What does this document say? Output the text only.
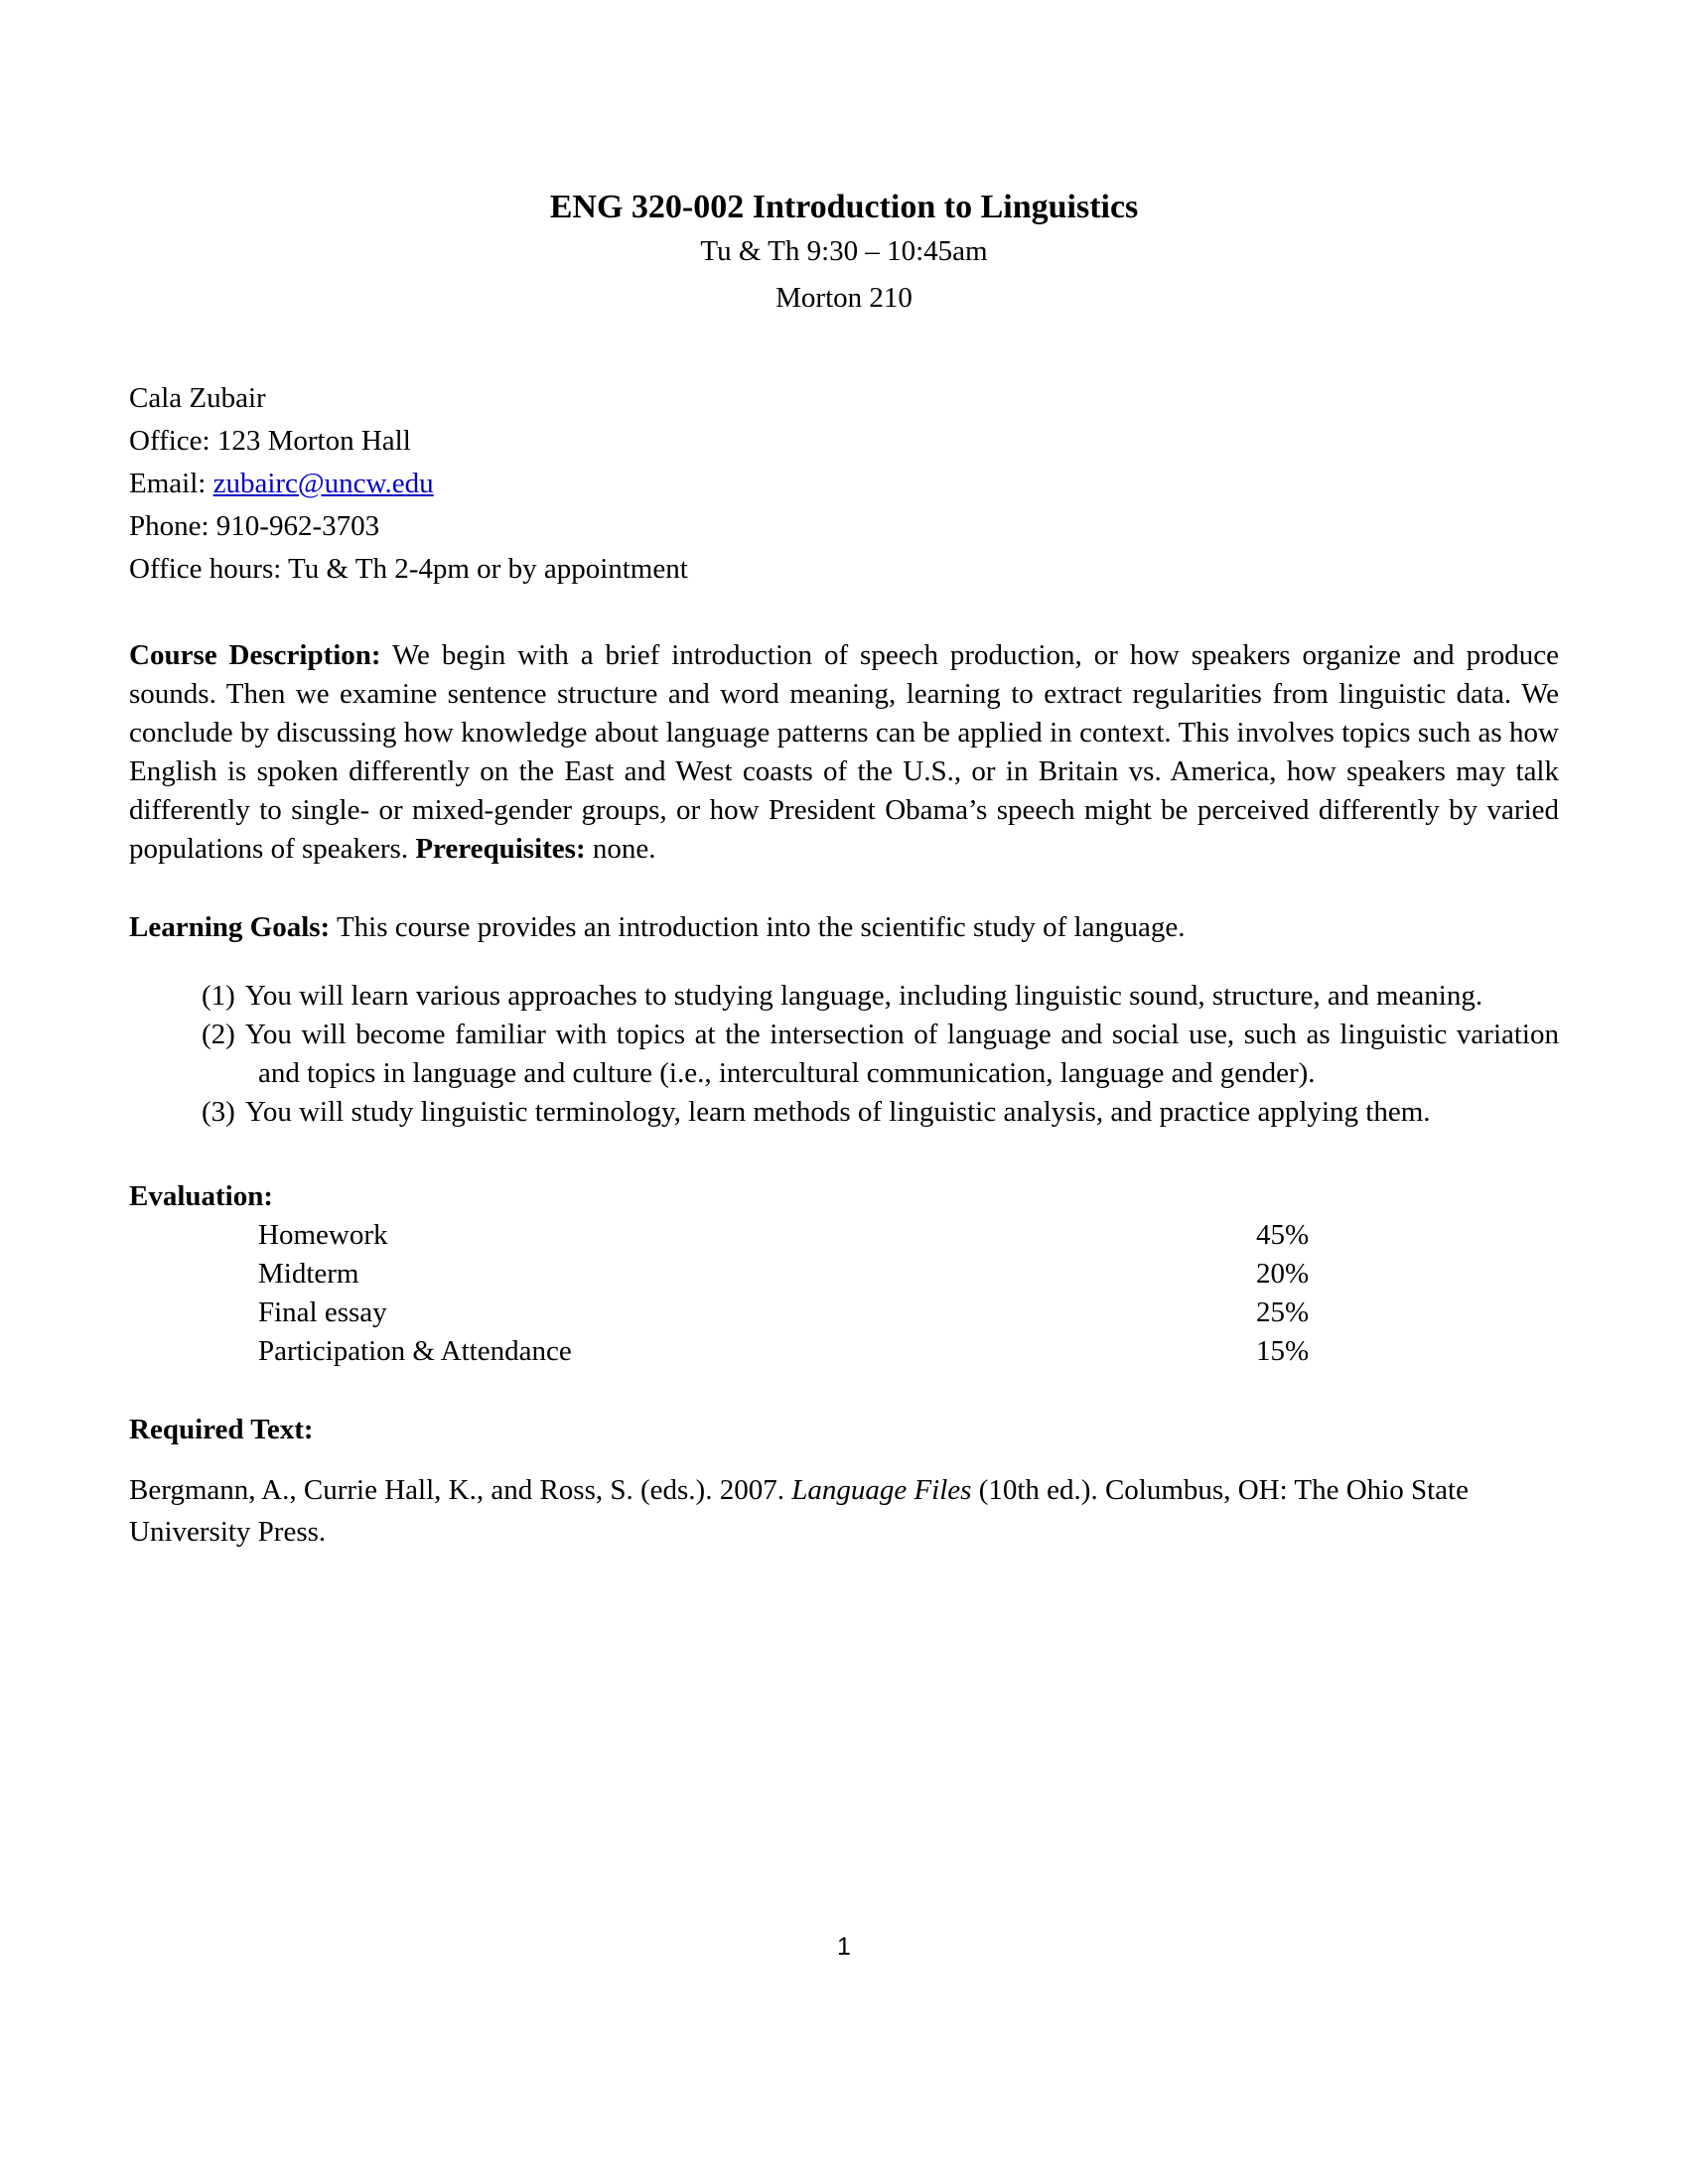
ENG 320-002 Introduction to Linguistics
Tu & Th 9:30 – 10:45am
Morton 210
Cala Zubair
Office: 123 Morton Hall
Email: zubairc@uncw.edu
Phone: 910-962-3703
Office hours: Tu & Th 2-4pm or by appointment

Course Description: We begin with a brief introduction of speech production, or how speakers organize and produce sounds. Then we examine sentence structure and word meaning, learning to extract regularities from linguistic data. We conclude by discussing how knowledge about language patterns can be applied in context. This involves topics such as how English is spoken differently on the East and West coasts of the U.S., or in Britain vs. America, how speakers may talk differently to single- or mixed-gender groups, or how President Obama’s speech might be perceived differently by varied populations of speakers. Prerequisites: none.

Learning Goals: This course provides an introduction into the scientific study of language.

(1) You will learn various approaches to studying language, including linguistic sound, structure, and meaning.
(2) You will become familiar with topics at the intersection of language and social use, such as linguistic variation and topics in language and culture (i.e., intercultural communication, language and gender).
(3) You will study linguistic terminology, learn methods of linguistic analysis, and practice applying them.
Evaluation:
Homework	45%
Midterm	20%
Final essay	25%
Participation & Attendance	15%
Required Text:

Bergmann, A., Currie Hall, K., and Ross, S. (eds.). 2007. Language Files (10th ed.). Columbus, OH: The Ohio State University Press.

1
